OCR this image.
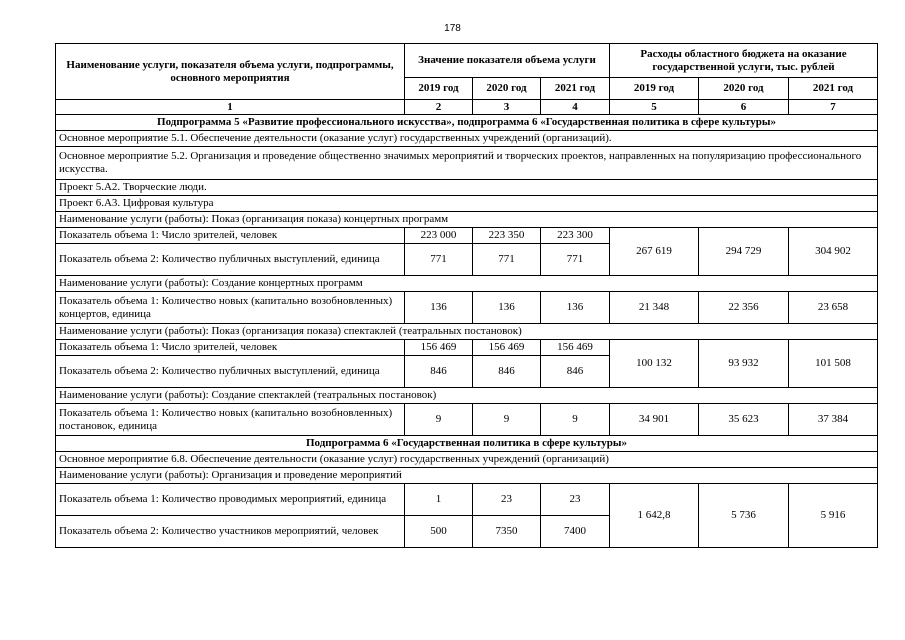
178
Наименование услуги, показателя объема услуги, подпрограммы, основного мероприятия	Значение показателя объема услуги			Расходы областного бюджета на оказание государственной услуги, тыс. рублей		
	2019 год	2020 год	2021 год	2019 год	2020 год	2021 год
1	2	3	4	5	6	7
Подпрограмма 5 «Развитие профессионального искусства», подпрограмма 6 «Государственная политика в сфере культуры»						
Основное мероприятие 5.1. Обеспечение деятельности (оказание услуг) государственных учреждений (организаций).						
Основное мероприятие 5.2. Организация и проведение общественно значимых мероприятий и творческих проектов, направленных на популяризацию профессионального искусства.						
Проект 5.А2. Творческие люди.						
Проект 6.А3. Цифровая культура						
Наименование услуги (работы): Показ (организация показа) концертных программ						
Показатель объема 1: Число зрителей, человек	223 000	223 350	223 300	267 619	294 729	304 902
Показатель объема 2: Количество публичных выступлений, единица	771	771	771			
Наименование услуги (работы): Создание концертных программ						
Показатель объема 1: Количество новых (капитально возобновленных) концертов, единица	136	136	136	21 348	22 356	23 658
Наименование услуги (работы): Показ (организация показа) спектаклей (театральных постановок)						
Показатель объема 1: Число зрителей, человек	156 469	156 469	156 469	100 132	93 932	101 508
Показатель объема 2: Количество публичных выступлений, единица	846	846	846			
Наименование услуги (работы): Создание спектаклей (театральных постановок)						
Показатель объема 1: Количество новых (капитально возобновленных) постановок, единица	9	9	9	34 901	35 623	37 384
Подпрограмма 6 «Государственная политика в сфере культуры»						
Основное мероприятие 6.8. Обеспечение деятельности (оказание услуг) государственных учреждений (организаций)						
Наименование услуги (работы): Организация и проведение мероприятий						
Показатель объема 1: Количество проводимых мероприятий, единица	1	23	23	1 642,8	5 736	5 916
Показатель объема 2: Количество участников мероприятий, человек	500	7350	7400			
